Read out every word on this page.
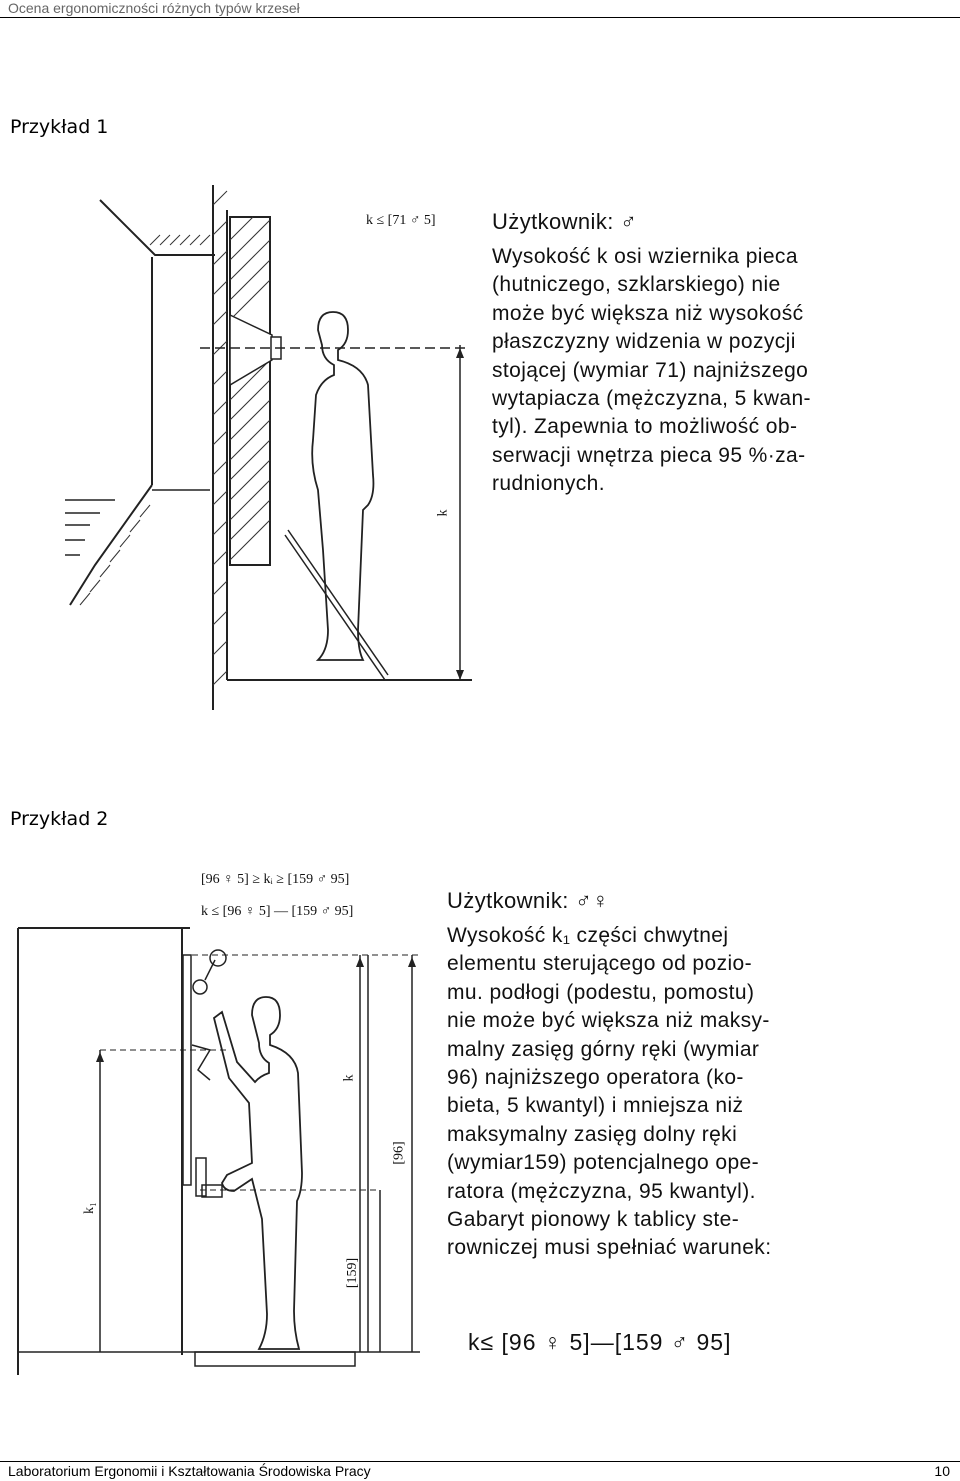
Ocena ergonomiczności różnych typów krzeseł
Przykład 1
k
k ≤ [71 ♂ 5]	Użytkownik: ♂
Wysokość k osi wziernika pieca
(hutniczego, szklarskiego) nie
może być większa niż wysokość
płaszczyzny widzenia w pozycji
stojącej (wymiar 71) najniższego
wytapiacza (mężczyzna, 5 kwan-
tyl). Zapewnia to możliwość ob-
serwacji wnętrza pieca 95 %·za-
rudnionych.
Przykład 2
k
[96]
[159]
k₁
[96 ♀ 5] ≥ kᵢ ≥ [159 ♂ 95]
k ≤ [96 ♀ 5] — [159 ♂ 95]	Użytkownik: ♂♀
Wysokość k₁ części chwytnej
elementu sterującego od pozio-
mu. podłogi (podestu, pomostu)
nie może być większa niż maksy-
malny zasięg górny ręki (wymiar
96) najniższego operatora (ko-
bieta, 5 kwantyl) i mniejsza niż
maksymalny zasięg dolny ręki
(wymiar159) potencjalnego ope-
ratora (mężczyzna, 95 kwantyl).
Gabaryt pionowy k tablicy ste-
rowniczej musi spełniać warunek:
k≤ [96 ♀ 5]—[159 ♂ 95]
Laboratorium Ergonomii i Kształtowania Środowiska Pracy	10
